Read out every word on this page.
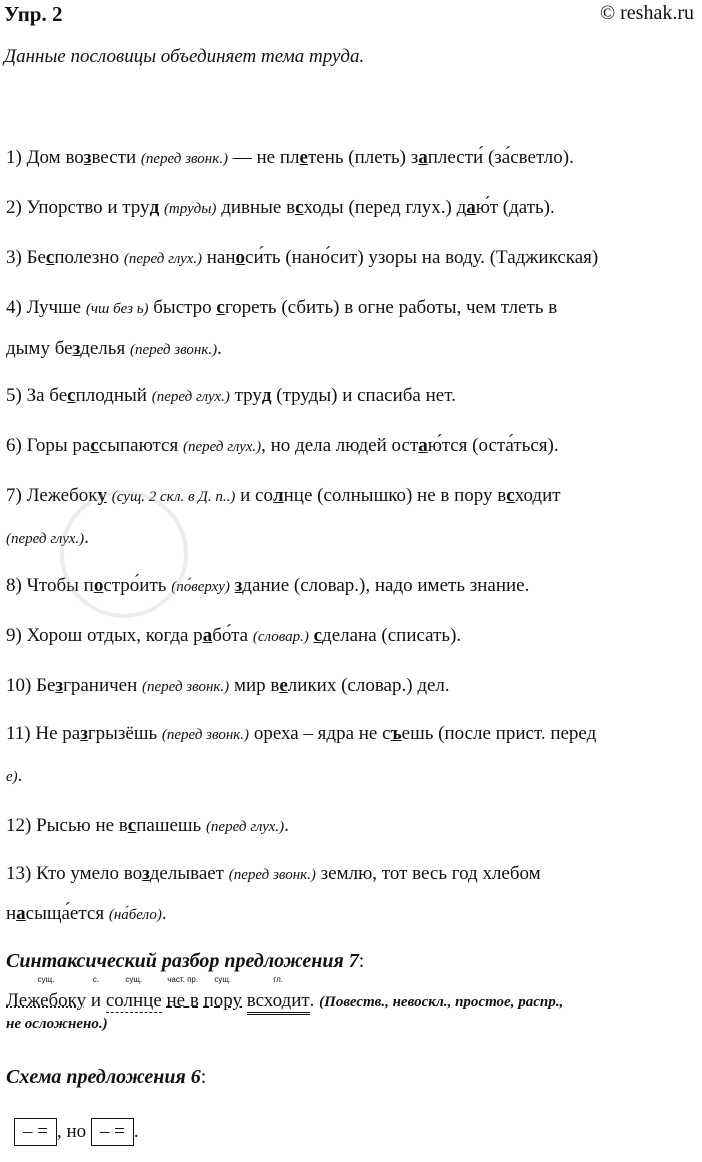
Упр. 2	© reshak.ru
Данные пословицы объединяет тема труда.
1) Дом возвести (перед звонк.) — не плетень (плеть) заплести́ (за́светло).
2) Упорство и труд (труды) дивные всходы (перед глух.) даю́т (дать).
3) Бесполезно (перед глух.) наноси́ть (нано́сит) узоры на воду. (Таджикская)
4) Лучше (чш без ь) быстро сгореть (сбить) в огне работы, чем тлеть в
дыму безделья (перед звонк.).
5) За бесплодный (перед глух.) труд (труды) и спасиба нет.
6) Горы рассыпаются (перед глух.), но дела людей остаю́тся (оста́ться).
7) Лежебоку (сущ. 2 скл. в Д. п..) и солнце (солнышко) не в пору всходит
(перед глух.).
8) Чтобы постро́ить (по́верху) здание (словар.), надо иметь знание.
9) Хорош отдых, когда рабо́та (словар.) сделана (списать).
10) Безграничен (перед звонк.) мир великих (словар.) дел.
11) Не разгрызёшь (перед звонк.) ореха – ядра не съешь (после прист. перед
е).
12) Рысью не вспашешь (перед глух.).
13) Кто умело возделывает (перед звонк.) землю, тот весь год хлебом
насыща́ется (на́бело).
Синтаксический разбор предложения 7:
сущ.
Лежебоку
с.
и
сущ.
солнце
част. пр.
не в
сущ.
пору
гл.
всходит. (Повеств., невоскл., простое, распр.,
не осложнено.)
Схема предложения 6:
– = , но – = .
